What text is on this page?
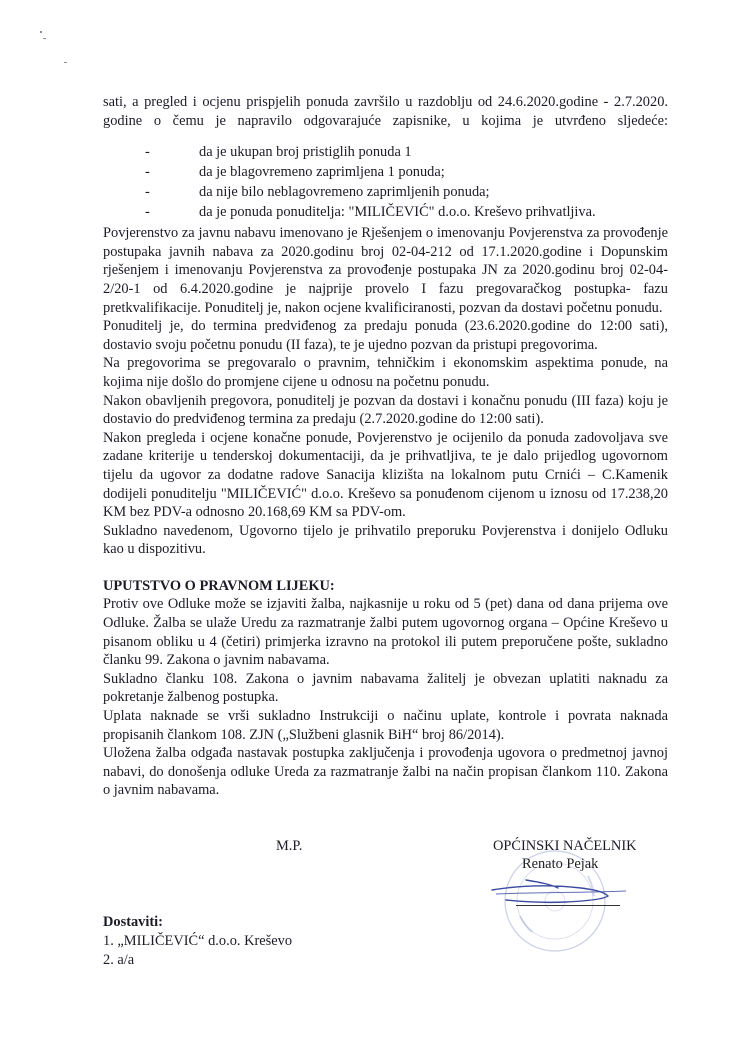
sati, a pregled i ocjenu prispjelih ponuda završilo u razdoblju od 24.6.2020.godine - 2.7.2020. godine o čemu je napravilo odgovarajuće zapisnike, u kojima je utvrđeno sljedeće:

-	da je ukupan broj pristiglih ponuda 1
-	da je blagovremeno zaprimljena 1 ponuda;
-	da nije bilo neblagovremeno zaprimljenih ponuda;
-	da je ponuda ponuditelja: "MILIČEVIĆ" d.o.o. Kreševo prihvatljiva.

Povjerenstvo za javnu nabavu imenovano je Rješenjem o imenovanju Povjerenstva za provođenje postupaka javnih nabava za 2020.godinu broj 02-04-212 od 17.1.2020.godine i Dopunskim rješenjem i imenovanju Povjerenstva za provođenje postupaka JN za 2020.godinu broj 02-04-2/20-1 od 6.4.2020.godine je najprije provelo I fazu pregovaračkog postupka- fazu pretkvalifikacije. Ponuditelj je, nakon ocjene kvalificiranosti, pozvan da dostavi početnu ponudu.

Ponuditelj je, do termina predviđenog za predaju ponuda (23.6.2020.godine do 12:00 sati), dostavio svoju početnu ponudu (II faza), te je ujedno pozvan da pristupi pregovorima.

Na pregovorima se pregovaralo o pravnim, tehničkim i ekonomskim aspektima ponude, na kojima nije došlo do promjene cijene u odnosu na početnu ponudu.

Nakon obavljenih pregovora, ponuditelj je pozvan da dostavi i konačnu ponudu (III faza) koju je dostavio do predviđenog termina za predaju (2.7.2020.godine do 12:00 sati).

Nakon pregleda i ocjene konačne ponude, Povjerenstvo je ocijenilo da ponuda zadovoljava sve zadane kriterije u tenderskoj dokumentaciji, da je prihvatljiva, te je dalo prijedlog ugovornom tijelu da ugovor za dodatne radove Sanacija klizišta na lokalnom putu Crnići – C.Kamenik dodijeli ponuditelju "MILIČEVIĆ" d.o.o. Kreševo sa ponuđenom cijenom u iznosu od 17.238,20 KM bez PDV-a odnosno 20.168,69 KM sa PDV-om.

Sukladno navedenom, Ugovorno tijelo je prihvatilo preporuku Povjerenstva i donijelo Odluku kao u dispozitivu.

UPUTSTVO O PRAVNOM LIJEKU:

Protiv ove Odluke može se izjaviti žalba, najkasnije u roku od 5 (pet) dana od dana prijema ove Odluke. Žalba se ulaže Uredu za razmatranje žalbi putem ugovornog organa – Općine Kreševo u pisanom obliku u 4 (četiri) primjerka izravno na protokol ili putem preporučene pošte, sukladno članku 99. Zakona o javnim nabavama.

Sukladno članku 108. Zakona o javnim nabavama žalitelj je obvezan uplatiti naknadu za pokretanje žalbenog postupka.

Uplata naknade se vrši sukladno Instrukciji o načinu uplate, kontrole i povrata naknada propisanih člankom 108. ZJN („Službeni glasnik BiH“ broj 86/2014).

Uložena žalba odgađa nastavak postupka zaključenja i provođenja ugovora o predmetnoj javnoj nabavi, do donošenja odluke Ureda za razmatranje žalbi na način propisan člankom 110. Zakona o javnim nabavama.

M.P.	OPĆINSKI NAČELNIK
Renato Pejak
Dostaviti:
1. „MILIČEVIĆ“ d.o.o. Kreševo
2. a/a
